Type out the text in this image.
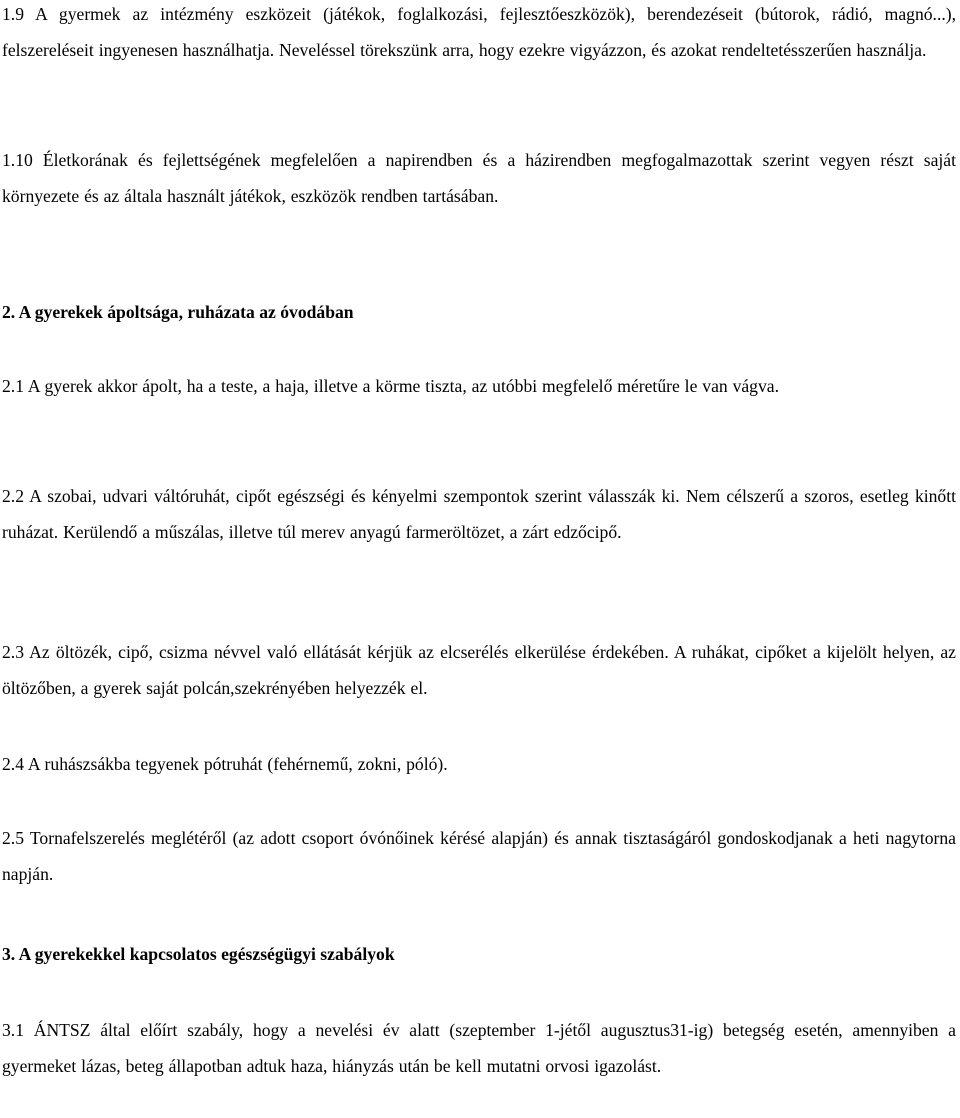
1.9 A gyermek az intézmény eszközeit (játékok, foglalkozási, fejlesztőeszközök), berendezéseit (bútorok, rádió, magnó...), felszereléseit ingyenesen használhatja. Neveléssel törekszünk arra, hogy ezekre vigyázzon, és azokat rendeltetésszerűen használja.

1.10 Életkorának és fejlettségének megfelelően a napirendben és a házirendben megfogalmazottak szerint vegyen részt saját környezete és az általa használt játékok, eszközök rendben tartásában.

2. A gyerekek ápoltsága, ruházata az óvodában

2.1 A gyerek akkor ápolt, ha a teste, a haja, illetve a körme tiszta, az utóbbi megfelelő méretűre le van vágva.

2.2 A szobai, udvari váltóruhát, cipőt egészségi és kényelmi szempontok szerint válasszák ki. Nem célszerű a szoros, esetleg kinőtt ruházat. Kerülendő a műszálas, illetve túl merev anyagú farmeröltözet, a zárt edzőcipő.

2.3 Az öltözék, cipő, csizma névvel való ellátását kérjük az elcserélés elkerülése érdekében. A ruhákat, cipőket a kijelölt helyen, az öltözőben, a gyerek saját polcán,szekrényében helyezzék el.

2.4 A ruhászsákba tegyenek pótruhát (fehérnemű, zokni, póló).

2.5 Tornafelszerelés meglétéről (az adott csoport óvónőinek kérésé alapján) és annak tisztaságáról gondoskodjanak a heti nagytorna napján.

3. A gyerekekkel kapcsolatos egészségügyi szabályok

3.1 ÁNTSZ által előírt szabály, hogy a nevelési év alatt (szeptember 1-jétől augusztus31-ig) betegség esetén, amennyiben a gyermeket lázas, beteg állapotban adtuk haza, hiányzás után be kell mutatni orvosi igazolást.
